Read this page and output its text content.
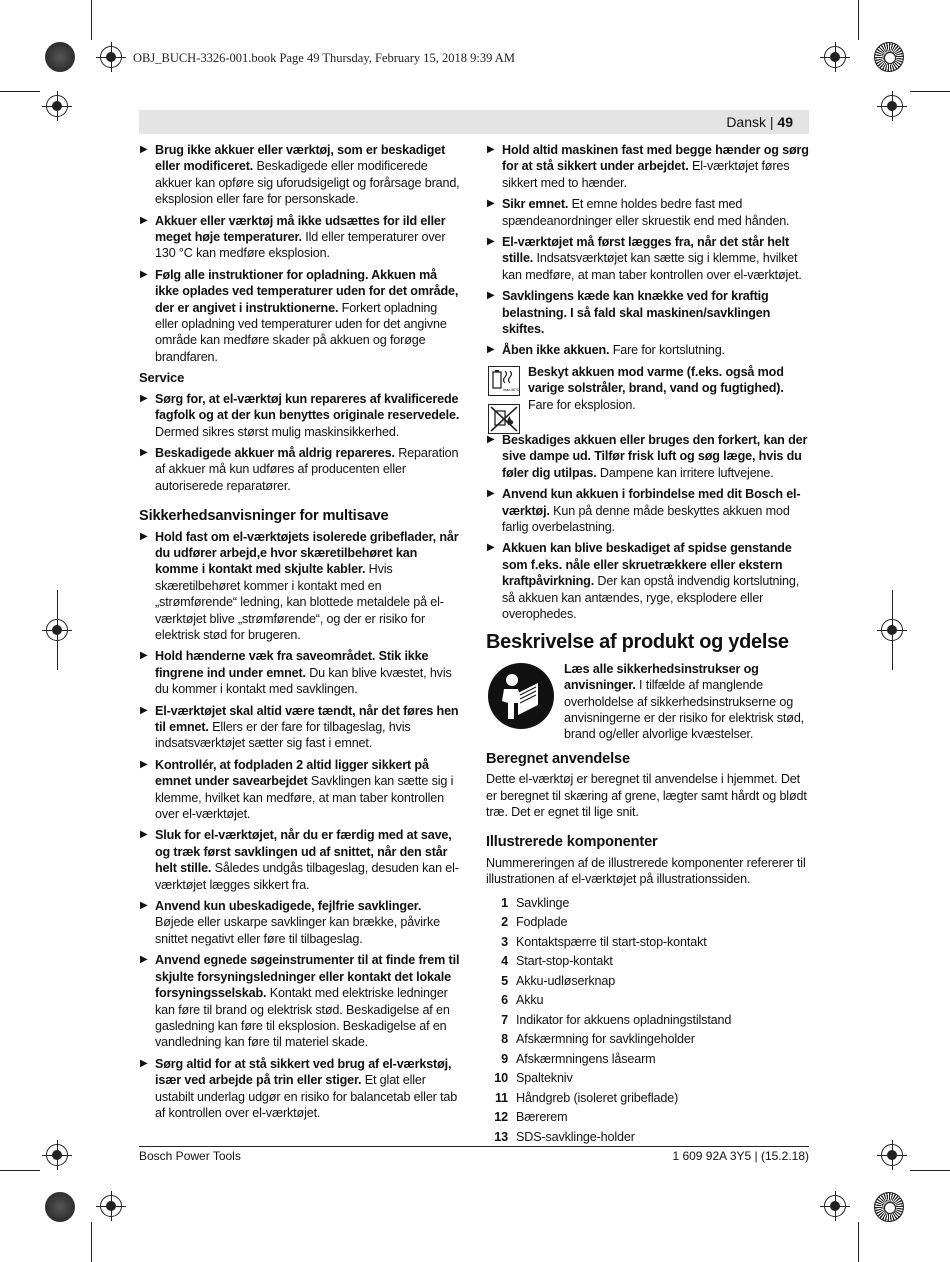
OBJ_BUCH-3326-001.book Page 49 Thursday, February 15, 2018 9:39 AM
Dansk | 49
▶ Brug ikke akkuer eller værktøj, som er beskadiget eller modificeret. Beskadigede eller modificerede akkuer kan opføre sig uforudsigeligt og forårsage brand, eksplosion eller fare for personskade.
▶ Akkuer eller værktøj må ikke udsættes for ild eller meget høje temperaturer. Ild eller temperaturer over 130 °C kan medføre eksplosion.
▶ Følg alle instruktioner for opladning. Akkuen må ikke oplades ved temperaturer uden for det område, der er angivet i instruktionerne. Forkert opladning eller opladning ved temperaturer uden for det angivne område kan medføre skader på akkuen og forøge brandfaren.
Service
▶ Sørg for, at el-værktøj kun repareres af kvalificerede fagfolk og at der kun benyttes originale reservedele. Dermed sikres størst mulig maskinsikkerhed.
▶ Beskadigede akkuer må aldrig repareres. Reparation af akkuer må kun udføres af producenten eller autoriserede reparatører.
Sikkerhedsanvisninger for multisave
▶ Hold fast om el-værktøjets isolerede gribeflader, når du udfører arbejd,e hvor skæretilbehøret kan komme i kontakt med skjulte kabler. Hvis skæretilbehøret kommer i kontakt med en „strømførende“ ledning, kan blottede metaldele på el-værktøjet blive „strømførende“, og der er risiko for elektrisk stød for brugeren.
▶ Hold hænderne væk fra saveområdet. Stik ikke fingrene ind under emnet. Du kan blive kvæstet, hvis du kommer i kontakt med savklingen.
▶ El-værktøjet skal altid være tændt, når det føres hen til emnet. Ellers er der fare for tilbageslag, hvis indsatsværktøjet sætter sig fast i emnet.
▶ Kontrollér, at fodpladen 2 altid ligger sikkert på emnet under savearbejdet Savklingen kan sætte sig i klemme, hvilket kan medføre, at man taber kontrollen over el-værktøjet.
▶ Sluk for el-værktøjet, når du er færdig med at save, og træk først savklingen ud af snittet, når den står helt stille. Således undgås tilbageslag, desuden kan el-værktøjet lægges sikkert fra.
▶ Anvend kun ubeskadigede, fejlfrie savklinger. Bøjede eller uskarpe savklinger kan brække, påvirke snittet negativt eller føre til tilbageslag.
▶ Anvend egnede søgeinstrumenter til at finde frem til skjulte forsyningsledninger eller kontakt det lokale forsyningsselskab. Kontakt med elektriske ledninger kan føre til brand og elektrisk stød. Beskadigelse af en gasledning kan føre til eksplosion. Beskadigelse af en vandledning kan føre til materiel skade.
▶ Sørg altid for at stå sikkert ved brug af el-værkstøj, især ved arbejde på trin eller stiger. Et glat eller ustabilt underlag udgør en risiko for balancetab eller tab af kontrollen over el-værktøjet.
▶ Hold altid maskinen fast med begge hænder og sørg for at stå sikkert under arbejdet. El-værktøjet føres sikkert med to hænder.
▶ Sikr emnet. Et emne holdes bedre fast med spændeanordninger eller skruestik end med hånden.
▶ El-værktøjet må først lægges fra, når det står helt stille. Indsatsværktøjet kan sætte sig i klemme, hvilket kan medføre, at man taber kontrollen over el-værktøjet.
▶ Savklingens kæde kan knække ved for kraftig belastning. I så fald skal maskinen/savklingen skiftes.
▶ Åben ikke akkuen. Fare for kortslutning.
max.50°C
Beskyt akkuen mod varme (f.eks. også mod varige solstråler, brand, vand og fugtighed). Fare for eksplosion.
▶ Beskadiges akkuen eller bruges den forkert, kan der sive dampe ud. Tilfør frisk luft og søg læge, hvis du føler dig utilpas. Dampene kan irritere luftvejene.
▶ Anvend kun akkuen i forbindelse med dit Bosch el-værktøj. Kun på denne måde beskyttes akkuen mod farlig overbelastning.
▶ Akkuen kan blive beskadiget af spidse genstande som f.eks. nåle eller skruetrækkere eller ekstern kraftpåvirkning. Der kan opstå indvendig kortslutning, så akkuen kan antændes, ryge, eksplodere eller overophedes.
Beskrivelse af produkt og ydelse
Læs alle sikkerhedsinstrukser og anvisninger. I tilfælde af manglende overholdelse af sikkerhedsinstrukserne og anvisningerne er der risiko for elektrisk stød, brand og/eller alvorlige kvæstelser.
Beregnet anvendelse
Dette el-værktøj er beregnet til anvendelse i hjemmet. Det er beregnet til skæring af grene, lægter samt hårdt og blødt træ. Det er egnet til lige snit.
Illustrerede komponenter
Nummereringen af de illustrerede komponenter refererer til illustrationen af el-værktøjet på illustrationssiden.
1 Savklinge
2 Fodplade
3 Kontaktspærre til start-stop-kontakt
4 Start-stop-kontakt
5 Akku-udløserknap
6 Akku
7 Indikator for akkuens opladningstilstand
8 Afskærmning for savklingeholder
9 Afskærmningens låsearm
10 Spaltekniv
11 Håndgreb (isoleret gribeflade)
12 Bærerem
13 SDS-savklinge-holder
Bosch Power Tools	1 609 92A 3Y5 | (15.2.18)
